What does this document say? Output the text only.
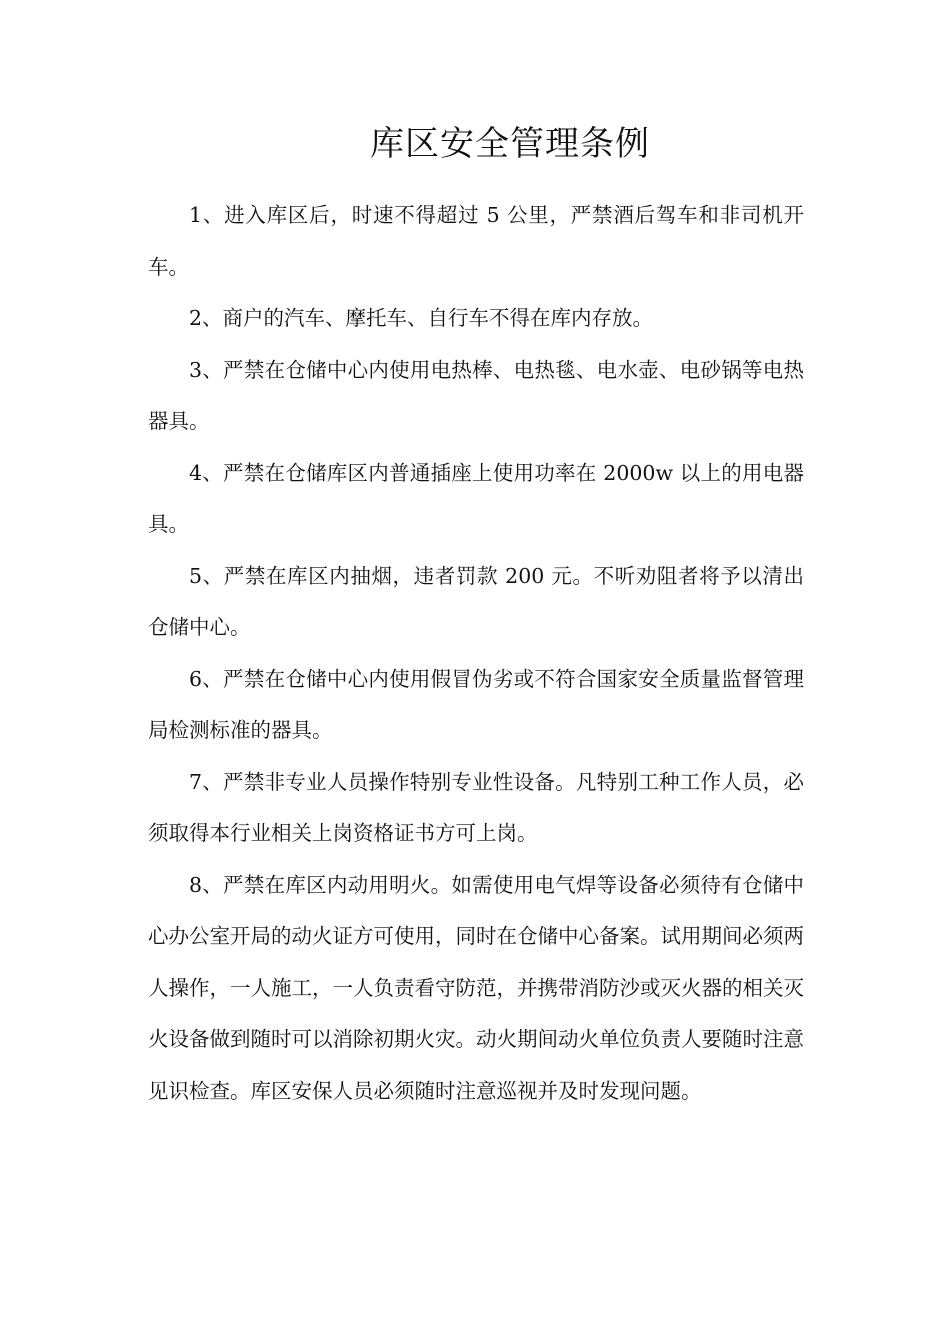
库区安全管理条例

1、进入库区后，时速不得超过 5 公里，严禁酒后驾车和非司机开车。

2、商户的汽车、摩托车、自行车不得在库内存放。

3、严禁在仓储中心内使用电热棒、电热毯、电水壶、电砂锅等电热器具。

4、严禁在仓储库区内普通插座上使用功率在 2000w 以上的用电器具。

5、严禁在库区内抽烟，违者罚款 200 元。不听劝阻者将予以清出仓储中心。

6、严禁在仓储中心内使用假冒伪劣或不符合国家安全质量监督管理局检测标准的器具。

7、严禁非专业人员操作特别专业性设备。凡特别工种工作人员，必须取得本行业相关上岗资格证书方可上岗。

8、严禁在库区内动用明火。如需使用电气焊等设备必须待有仓储中心办公室开局的动火证方可使用，同时在仓储中心备案。试用期间必须两人操作，一人施工，一人负责看守防范，并携带消防沙或灭火器的相关灭火设备做到随时可以消除初期火灾。动火期间动火单位负责人要随时注意见识检查。库区安保人员必须随时注意巡视并及时发现问题。
